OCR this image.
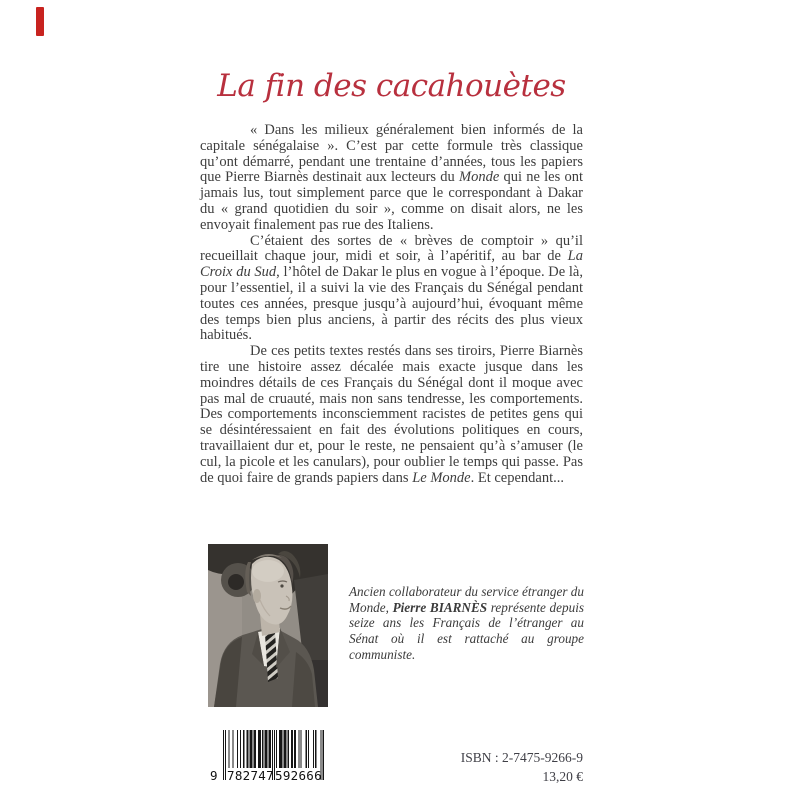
La fin des cacahouètes

« Dans les milieux généralement bien informés de la capitale sénégalaise ». C’est par cette formule très classique qu’ont démarré, pendant une trentaine d’années, tous les papiers que Pierre Biarnès destinait aux lecteurs du Monde qui ne les ont jamais lus, tout simplement parce que le correspondant à Dakar du « grand quotidien du soir », comme on disait alors, ne les envoyait finalement pas rue des Italiens.

C’étaient des sortes de « brèves de comptoir » qu’il recueillait chaque jour, midi et soir, à l’apéritif, au bar de La Croix du Sud, l’hôtel de Dakar le plus en vogue à l’époque. De là, pour l’essentiel, il a suivi la vie des Français du Sénégal pendant toutes ces années, presque jusqu’à aujourd’hui, évoquant même des temps bien plus anciens, à partir des récits des plus vieux habitués.

De ces petits textes restés dans ses tiroirs, Pierre Biarnès tire une histoire assez décalée mais exacte jusque dans les moindres détails de ces Français du Sénégal dont il moque avec pas mal de cruauté, mais non sans tendresse, les comportements. Des comportements inconsciemment racistes de petites gens qui se désintéressaient en fait des évolutions politiques en cours, travaillaient dur et, pour le reste, ne pensaient qu’à s’amuser (le cul, la picole et les canulars), pour oublier le temps qui passe. Pas de quoi faire de grands papiers dans Le Monde. Et cependant...

Ancien collaborateur du service étranger du Monde, Pierre BIARNÈS représente depuis seize ans les Français de l’étranger au Sénat où il est rattaché au groupe communiste.

9 782747 592666
ISBN : 2-7475-9266-9
13,20 €
